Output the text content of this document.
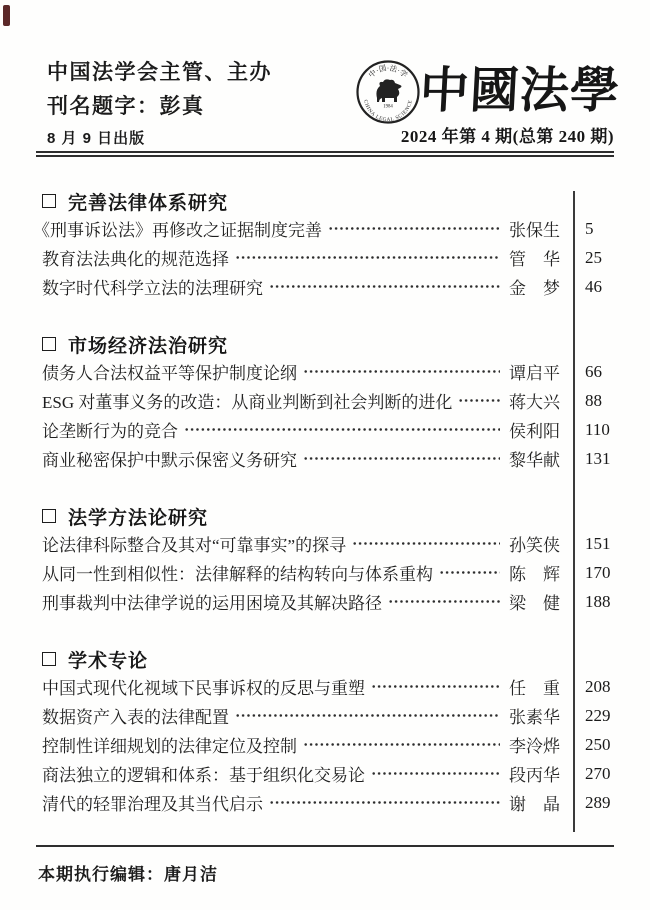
中国法学会主管、主办
刊名题字：彭真
8 月 9 日出版
中·国·法·学
1984
CHINA LEGAL SCIENCE 中國法學
2024 年第 4 期(总第 240 期)
完善法律体系研究
《刑事诉讼法》再修改之证据制度完善	张保生	5
教育法法典化的规范选择	管　华	25
数字时代科学立法的法理研究	金　梦	46
市场经济法治研究
债务人合法权益平等保护制度论纲	谭启平	66
ESG 对董事义务的改造：从商业判断到社会判断的进化	蒋大兴	88
论垄断行为的竞合	侯利阳	110
商业秘密保护中默示保密义务研究	黎华献	131
法学方法论研究
论法律科际整合及其对“可靠事实”的探寻	孙笑侠	151
从同一性到相似性：法律解释的结构转向与体系重构	陈　辉	170
刑事裁判中法律学说的运用困境及其解决路径	梁　健	188
学术专论
中国式现代化视域下民事诉权的反思与重塑	任　重	208
数据资产入表的法律配置	张素华	229
控制性详细规划的法律定位及控制	李泠烨	250
商法独立的逻辑和体系：基于组织化交易论	段丙华	270
清代的轻罪治理及其当代启示	谢　晶	289
本期执行编辑：唐月洁
